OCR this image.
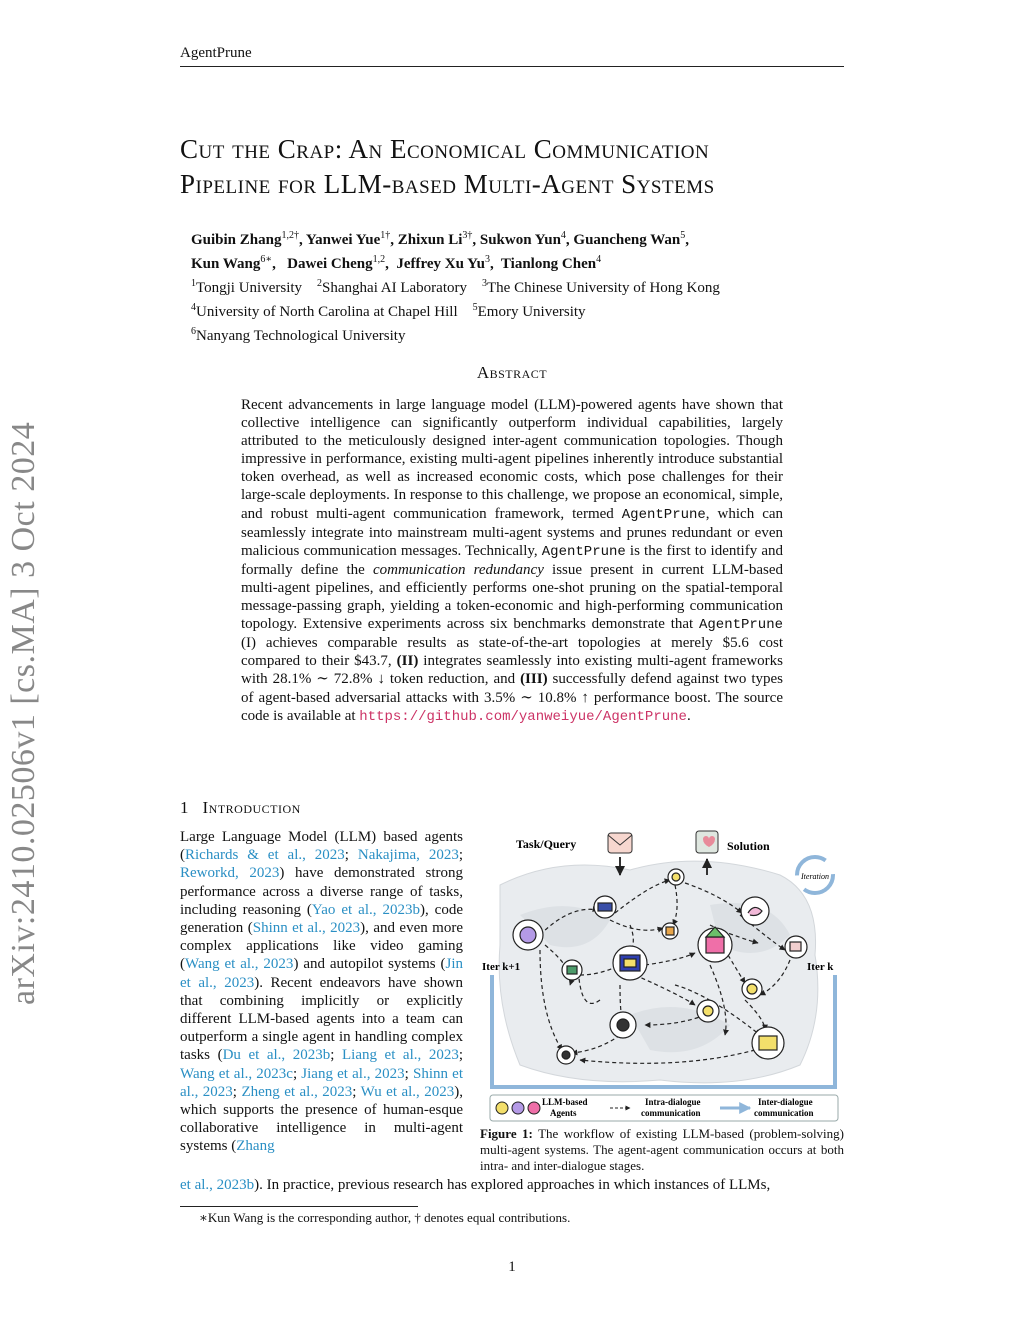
arXiv:2410.02506v1 [cs.MA] 3 Oct 2024
AgentPrune
Cut the Crap: An Economical Communication
Pipeline for LLM-based Multi-Agent Systems
Guibin Zhang$^{1,2\dagger}$, Yanwei Yue$^{1\dagger}$, Zhixun $Li^{3\dagger}$, Sukwon Yun$^4$, Guancheng Wan$^5$,
Kun Wang$^{6∗}$,   Dawei Cheng$^{1,2}$,  Jeffrey Xu Yu$^3$,  Tianlong Chen$^4$
$^1$Tongji University $^2$Shanghai AI Laboratory $^3$The Chinese University of Hong Kong
$^4$University of North Carolina at Chapel Hill $^5$Emory University
$^6$Nanyang Technological University
Abstract
Recent advancements in large language model (LLM)-powered agents have shown that collective intelligence can significantly outperform individual capabilities, largely attributed to the meticulously designed inter-agent communication topologies. Though impressive in performance, existing multi-agent pipelines inherently introduce substantial token overhead, as well as increased economic costs, which pose challenges for their large-scale deployments. In response to this challenge, we propose an economical, simple, and robust multi-agent communication framework, termed AgentPrune, which can seamlessly integrate into mainstream multi-agent systems and prunes redundant or even malicious communication messages. Technically, AgentPrune is the first to identify and formally define the communication redundancy issue present in current LLM-based multi-agent pipelines, and efficiently performs one-shot pruning on the spatial-temporal message-passing graph, yielding a token-economic and high-performing communication topology. Extensive experiments across six benchmarks demonstrate that AgentPrune (I) achieves comparable results as state-of-the-art topologies at merely $5.6 cost compared to their $43.7, (II) integrates seamlessly into existing multi-agent frameworks with 28.1% ∼ 72.8% ↓ token reduction, and (III) successfully defend against two types of agent-based adversarial attacks with 3.5% ∼ 10.8% ↑ performance boost. The source code is available at https://github.com/yanweiyue/AgentPrune.
1 Introduction
Large Language Model (LLM) based agents (Richards & et al., 2023; Nakajima, 2023; Reworkd, 2023) have demonstrated strong performance across a diverse range of tasks, including reasoning (Yao et al., 2023b), code generation (Shinn et al., 2023), and even more complex applications like video gaming (Wang et al., 2023) and autopilot systems (Jin et al., 2023). Recent endeavors have shown that combining implicitly or explicitly different LLM-based agents into a team can outperform a single agent in handling complex tasks (Du et al., 2023b; Liang et al., 2023; Wang et al., 2023c; Jiang et al., 2023; Shinn et al., 2023; Zheng et al., 2023; Wu et al., 2023), which supports the presence of human-esque collaborative intelligence in multi-agent systems (Zhang
et al., 2023b). In practice, previous research has explored approaches in which instances of LLMs,
Task/Query	Solution
Iteration
Iter k+1	Iter k
LLM-based
Agents
Intra-dialogue
communication
Inter-dialogue
communication
Figure 1: The workflow of existing LLM-based (problem-solving) multi-agent systems. The agent-agent communication occurs at both intra- and inter-dialogue stages.
∗Kun Wang is the corresponding author, † denotes equal contributions.
1
